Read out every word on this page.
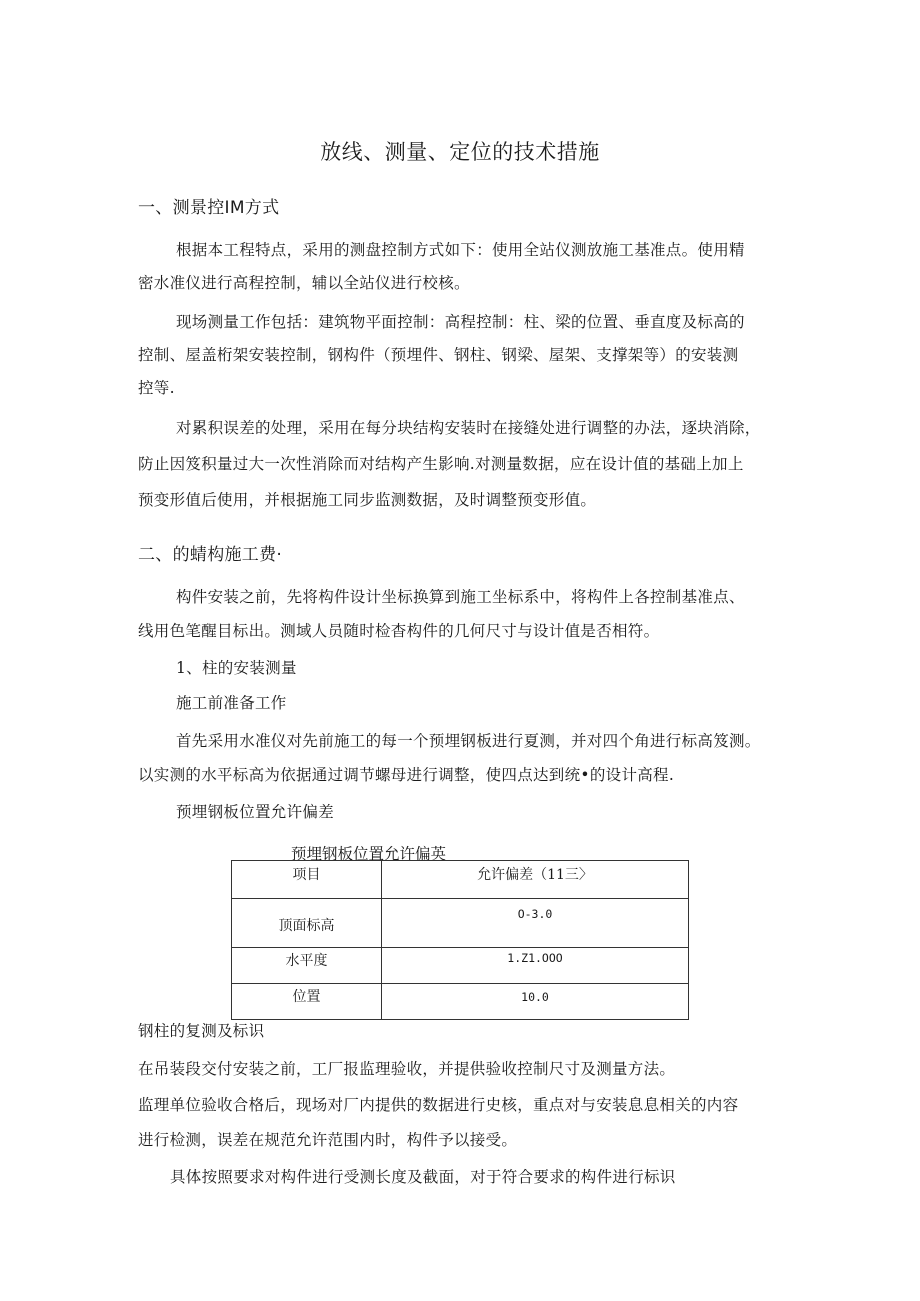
放线、测量、定位的技术措施
一、测景控IM方式
根据本工程特点，采用的测盘控制方式如下：使用全站仪测放施工基准点。使用精
密水准仪进行高程控制，辅以全站仪进行校核。
现场测量工作包括：建筑物平面控制：高程控制：柱、梁的位置、垂直度及标高的
控制、屋盖桁架安装控制，钢构件（预埋件、钢柱、钢梁、屋架、支撑架等）的安装测
控等.
对累积误差的处理，采用在每分块结构安装时在接缝处进行调整的办法，逐块消除，
防止因笈积量过大一次性消除而对结构产生影响.对测量数据，应在设计值的基础上加上
预变形值后使用，并根据施工同步监测数据，及时调整预变形值。
二、的蜻构施工费·
构件安装之前，先将构件设计坐标换算到施工坐标系中，将构件上各控制基准点、
线用色笔醒目标出。测域人员随时检杳构件的几何尺寸与设计值是否相符。
1、柱的安装测量
施工前准备工作
首先采用水准仪对先前施工的每一个预埋钢板进行夏测，并对四个角进行标高笈测。
以实测的水平标高为依据通过调节螺母进行调整，使四点达到统•的设计高程.
预埋钢板位置允许偏差
预埋钢板位置允许偏英
项目	允许偏差（11三〉

顶面标高	O-3.0

水平度	1.Z1.OOO

位置	10.0
钢柱的复测及标识
在吊装段交付安装之前，工厂报监理验收，并提供验收控制尺寸及测量方法。
监理单位验收合格后，现场对厂内提供的数据进行史核，重点对与安装息息相关的内容
进行检测，误差在规范允许范围内时，构件予以接受。
具体按照要求对构件进行受测长度及截面，对于符合要求的构件进行标识
